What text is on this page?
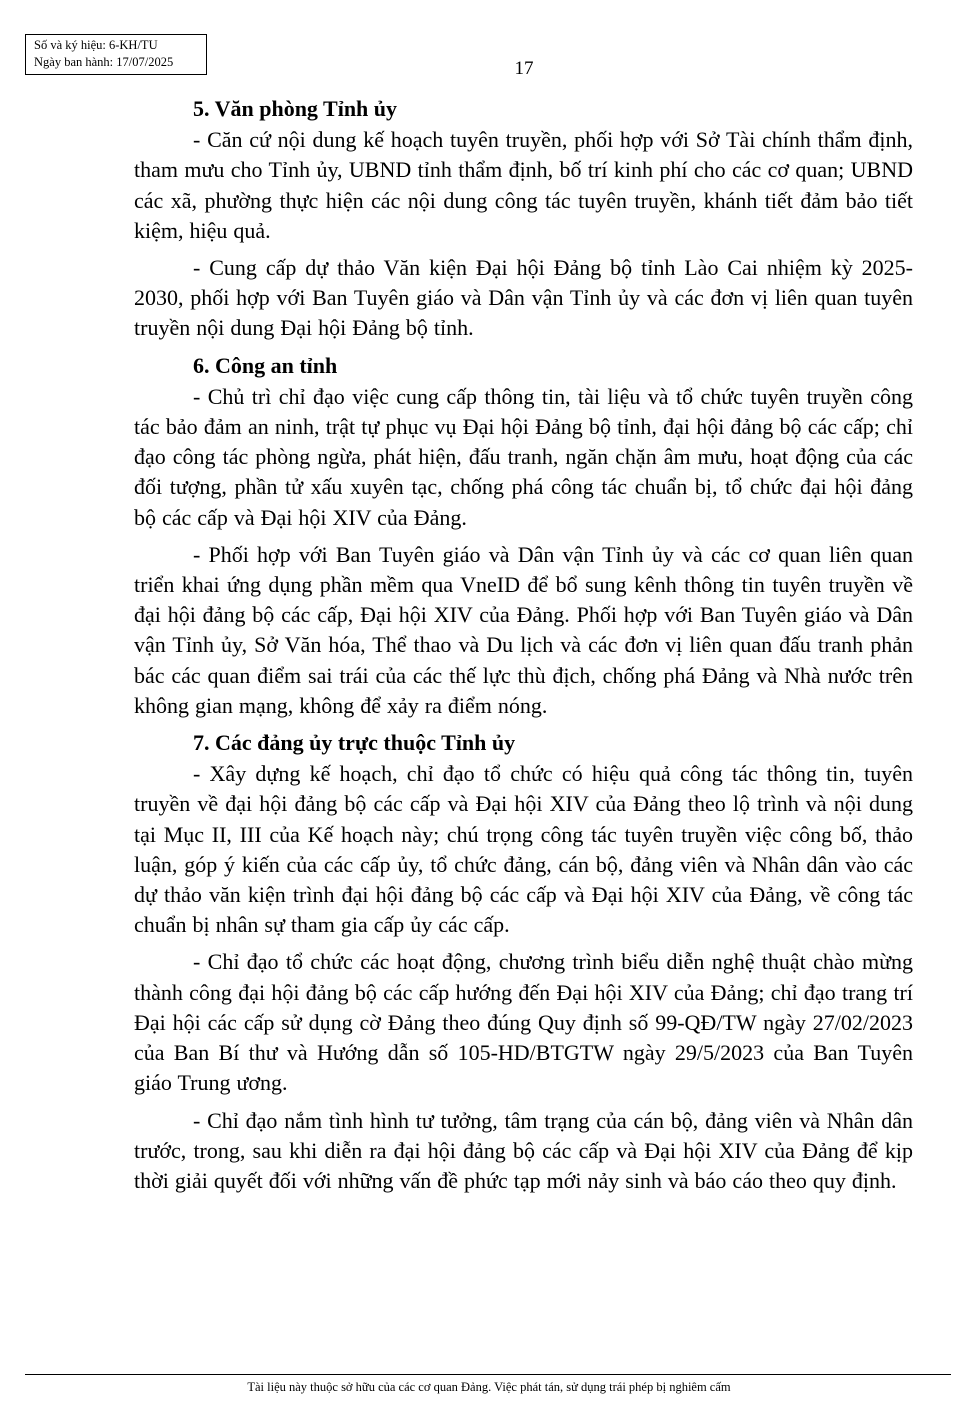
Số và ký hiệu: 6-KH/TU
Ngày ban hành: 17/07/2025	17
5. Văn phòng Tỉnh ủy

- Căn cứ nội dung kế hoạch tuyên truyền, phối hợp với Sở Tài chính thẩm định, tham mưu cho Tỉnh ủy, UBND tỉnh thẩm định, bố trí kinh phí cho các cơ quan; UBND các xã, phường thực hiện các nội dung công tác tuyên truyền, khánh tiết đảm bảo tiết kiệm, hiệu quả.

- Cung cấp dự thảo Văn kiện Đại hội Đảng bộ tỉnh Lào Cai nhiệm kỳ 2025-2030, phối hợp với Ban Tuyên giáo và Dân vận Tỉnh ủy và các đơn vị liên quan tuyên truyền nội dung Đại hội Đảng bộ tỉnh.

6. Công an tỉnh

- Chủ trì chỉ đạo việc cung cấp thông tin, tài liệu và tổ chức tuyên truyền công tác bảo đảm an ninh, trật tự phục vụ Đại hội Đảng bộ tỉnh, đại hội đảng bộ các cấp; chỉ đạo công tác phòng ngừa, phát hiện, đấu tranh, ngăn chặn âm mưu, hoạt động của các đối tượng, phần tử xấu xuyên tạc, chống phá công tác chuẩn bị, tổ chức đại hội đảng bộ các cấp và Đại hội XIV của Đảng.

- Phối hợp với Ban Tuyên giáo và Dân vận Tỉnh ủy và các cơ quan liên quan triển khai ứng dụng phần mềm qua VneID để bổ sung kênh thông tin tuyên truyền về đại hội đảng bộ các cấp, Đại hội XIV của Đảng. Phối hợp với Ban Tuyên giáo và Dân vận Tỉnh ủy, Sở Văn hóa, Thể thao và Du lịch và các đơn vị liên quan đấu tranh phản bác các quan điểm sai trái của các thế lực thù địch, chống phá Đảng và Nhà nước trên không gian mạng, không để xảy ra điểm nóng.

7. Các đảng ủy trực thuộc Tỉnh ủy

- Xây dựng kế hoạch, chỉ đạo tổ chức có hiệu quả công tác thông tin, tuyên truyền về đại hội đảng bộ các cấp và Đại hội XIV của Đảng theo lộ trình và nội dung tại Mục II, III của Kế hoạch này; chú trọng công tác tuyên truyền việc công bố, thảo luận, góp ý kiến của các cấp ủy, tổ chức đảng, cán bộ, đảng viên và Nhân dân vào các dự thảo văn kiện trình đại hội đảng bộ các cấp và Đại hội XIV của Đảng, về công tác chuẩn bị nhân sự tham gia cấp ủy các cấp.

- Chỉ đạo tổ chức các hoạt động, chương trình biểu diễn nghệ thuật chào mừng thành công đại hội đảng bộ các cấp hướng đến Đại hội XIV của Đảng; chỉ đạo trang trí Đại hội các cấp sử dụng cờ Đảng theo đúng Quy định số 99-QĐ/TW ngày 27/02/2023 của Ban Bí thư và Hướng dẫn số 105-HD/BTGTW ngày 29/5/2023 của Ban Tuyên giáo Trung ương.

- Chỉ đạo nắm tình hình tư tưởng, tâm trạng của cán bộ, đảng viên và Nhân dân trước, trong, sau khi diễn ra đại hội đảng bộ các cấp và Đại hội XIV của Đảng để kịp thời giải quyết đối với những vấn đề phức tạp mới nảy sinh và báo cáo theo quy định.

Tài liệu này thuộc sở hữu của các cơ quan Đảng. Việc phát tán, sử dụng trái phép bị nghiêm cấm
